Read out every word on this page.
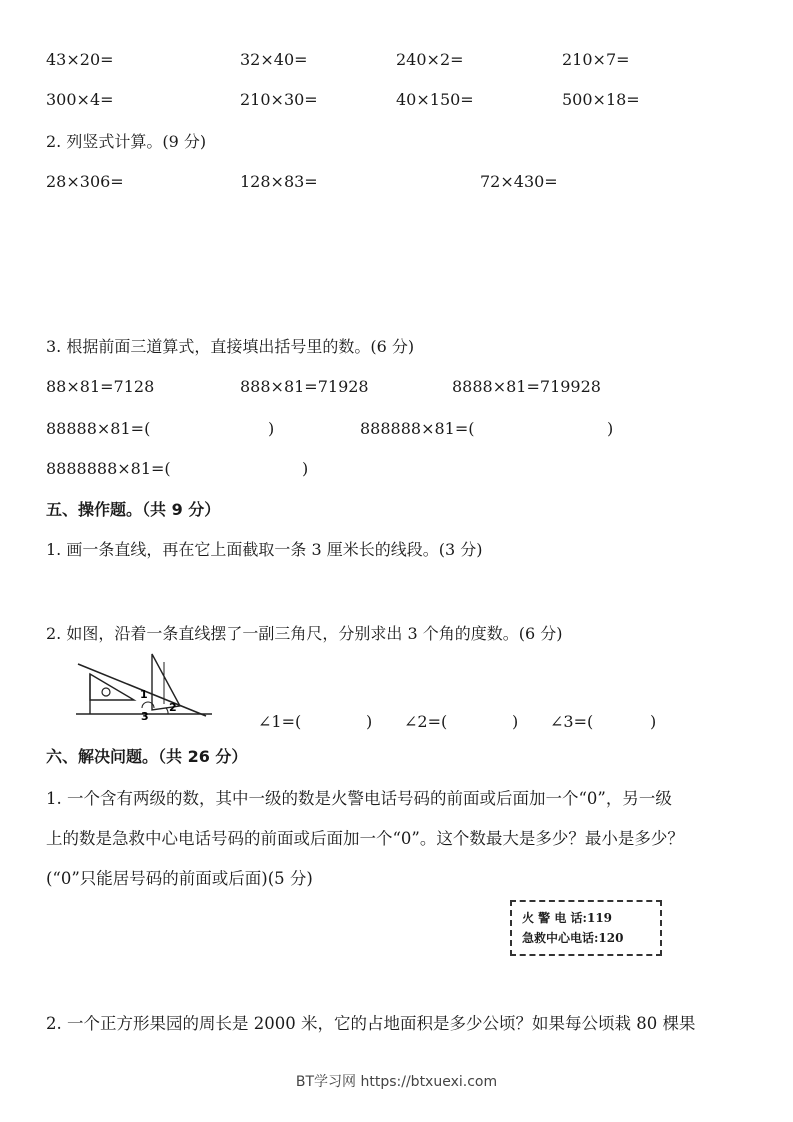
43×20=	32×40=	240×2=	210×7=
300×4=	210×30=	40×150=	500×18=
2. 列竖式计算。(9 分)
28×306=	128×83=	72×430=
3. 根据前面三道算式，直接填出括号里的数。(6 分)
88×81=7128	888×81=71928	8888×81=719928
88888×81=(	)	888888×81=(	)
8888888×81=(	)
五、操作题。（共 9 分）
1. 画一条直线，再在它上面截取一条 3 厘米长的线段。(3 分)
2. 如图，沿着一条直线摆了一副三角尺，分别求出 3 个角的度数。(6 分)
1
2
3	∠1=(	) ∠2=(	) ∠3=(	)
六、解决问题。（共 26 分）
1. 一个含有两级的数，其中一级的数是火警电话号码的前面或后面加一个“0”，另一级
上的数是急救中心电话号码的前面或后面加一个“0”。这个数最大是多少？最小是多少？
(“0”只能居号码的前面或后面)(5 分)
火 警 电 话:119
急救中心电话:120
2. 一个正方形果园的周长是 2000 米，它的占地面积是多少公顷？如果每公顷栽 80 棵果
BT学习网 https://btxuexi.com
